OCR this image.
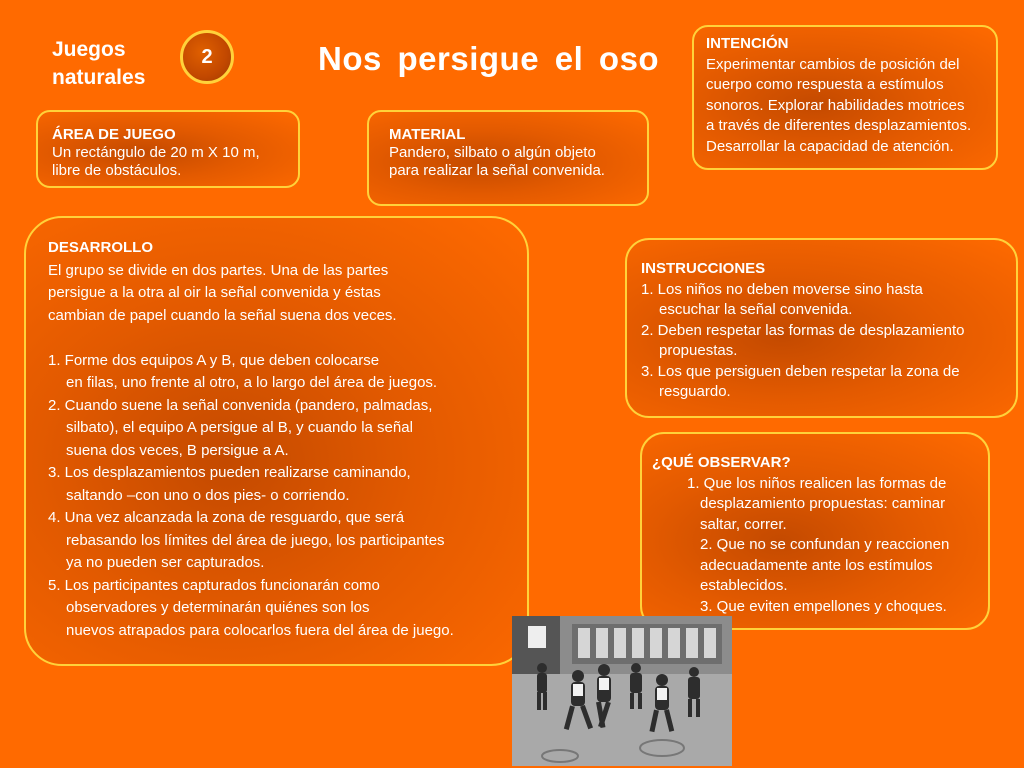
Juegos
naturales
2	Nos persigue el oso

ÁREA DE JUEGO

Un rectángulo de 20 m X 10 m,

libre de obstáculos.

MATERIAL

Pandero, silbato o algún objeto

para realizar la señal convenida.

INTENCIÓN

Experimentar cambios de posición del

cuerpo como respuesta a estímulos

sonoros. Explorar habilidades motrices

a través de diferentes desplazamientos.

Desarrollar la capacidad de atención.

DESARROLLO

El grupo se divide en dos partes. Una de las partes

persigue a la otra al oir la señal convenida y éstas

cambian de papel cuando la señal suena dos veces.

1. Forme dos equipos A y B, que deben colocarse

en filas, uno frente al otro, a lo largo del área de juegos.

2. Cuando suene la señal convenida (pandero, palmadas,

silbato), el equipo A persigue al B, y cuando la señal

suena dos veces, B persigue a A.

3. Los desplazamientos pueden realizarse caminando,

saltando –con uno o dos pies- o corriendo.

4. Una vez alcanzada la zona de resguardo, que será

rebasando los límites del área de juego, los participantes

ya no pueden ser capturados.

5. Los participantes capturados funcionarán como

observadores y determinarán quiénes son los

nuevos atrapados para colocarlos fuera del área de juego.

INSTRUCCIONES

1. Los niños no deben moverse sino hasta

escuchar la señal convenida.

2. Deben respetar las formas de desplazamiento

propuestas.

3. Los que persiguen deben respetar la zona de

resguardo.

¿QUÉ OBSERVAR?

1. Que los niños realicen las formas de

desplazamiento propuestas: caminar

saltar, correr.

2. Que no se confundan y reaccionen

adecuadamente ante los estímulos

establecidos.

3. Que eviten empellones y choques.
